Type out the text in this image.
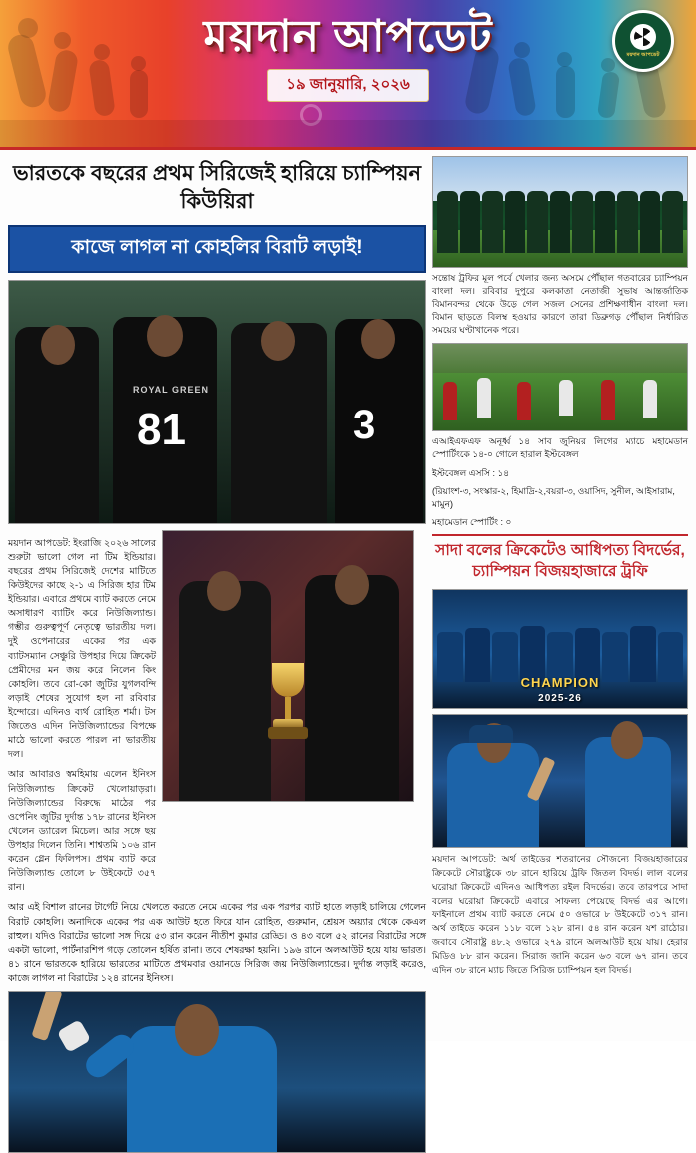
ময়দান আপডেট
১৯ জানুয়ারি, ২০২৬
ময়দান আপডেট
ভারতকে বছরের প্রথম সিরিজেই হারিয়ে চ্যাম্পিয়ন কিউয়িরা
কাজে লাগল না কোহলির বিরাট লড়াই!
81
ROYAL GREEN
3
ময়দান আপডেট: ইংরাজি ২০২৬ সালের শুরুটা ভালো গেল না টিম ইন্ডিয়ার। বছরের প্রথম সিরিজেই দেশের মাটিতে কিউইদের কাছে ২-১ এ সিরিজ হার টিম ইন্ডিয়ার। এবারে প্রথমে ব্যাট করতে নেমে অসাধারণ ব্যাটিং করে নিউজিল্যান্ড। গম্ভীর গুরুত্বপূর্ণ নেতৃত্বে ভারতীয় দল। দুই ওপেনারের একের পর এক ব্যাটসম্যান সেঞ্চুরি উপহার দিয়ে ক্রিকেট প্রেমীদের মন জয় করে নিলেন কিং কোহলি। তবে রো-কো জুটির যুগলবন্দি লড়াই শেষের সুযোগ হল না রবিবার ইন্দোরে। এদিনও ব্যর্থ রোহিত শর্মা। টস জিতেও এদিন নিউজিল্যান্ডের বিপক্ষে মাঠে ভালো করতে পারল না ভারতীয় দল।
আর আবারও স্বমহিমায় এলেন ইনিংস নিউজিল্যান্ড ক্রিকেট খেলোয়াড়রা। নিউজিল্যান্ডের বিরুদ্ধে মাঠের পর ওপেনিং জুটির দুর্দান্ত ১৭৮ রানের ইনিংস খেলেন ড্যারেল মিচেল। আর সঙ্গে ছয় উপহার দিলেন তিনি। শাশ্বতমি ১০৬ রান করেন গ্লেন ফিলিপস। প্রথম ব্যাট করে নিউজিল্যান্ড তোলে ৮ উইকেটে ৩৫৭ রান।
আর এই বিশাল রানের টার্গেট নিয়ে খেলতে করতে নেমে একের পর এক পরপর ব্যাট হাতে লড়াই চালিয়ে গেলেন বিরাট কোহলি। অনাদিকে একের পর এক আউট হতে ফিরে যান রোহিত, গুরুমান, শ্রেয়স অয়্যার থেকে কেএল রাহুল। যদিও বিরাটের ভালো সঙ্গ দিয়ে ৫৩ রান করেন নীতীশ কুমার রেড্ডি। ও ৪৩ বলে ৫২ রানের বিরাটের সঙ্গে একটা ভালো, পার্টনারশিপ গড়ে তোলেন হর্ষিত রানা। তবে শেষরক্ষা হয়নি। ১৯৬ রানে অলআউট হয়ে যায় ভারত। ৪১ রানে ভারতকে হারিয়ে ভারতের মাটিতে প্রথমবার ওয়ানডে সিরিজ জয় নিউজিল্যান্ডের। দুর্দান্ত লড়াই করেও, কাজে লাগল না বিরাটের ১২৪ রানের ইনিংস।
সন্তোষ ট্রফির মূল পর্বে খেলার জন্য অসমে পৌঁছাল গতবারের চ্যাম্পিয়ন বাংলা দল। রবিবার দুপুরে কলকাতা নেতাজী সুভাষ আন্তর্জাতিক বিমানবন্দর থেকে উড়ে গেল সজল সেনের প্রশিক্ষণাধীন বাংলা দল। বিমান ছাড়তে বিলম্ব হওয়ার কারণে তারা ডিব্রুগড় পৌঁছাল নির্ধারিত সময়ের ঘণ্টাখানেক পরে।
এআইএফএফ অনূর্ধ্ব ১৪ সাব জুনিয়র লিগের ম্যাচে মহামেডান স্পোর্টিংকে ১৪-০ গোলে হারাল ইস্টবেঙ্গল
ইস্টবেঙ্গল এসসি : ১৪
(রিয়াংশ-৩, সংস্কার-২, হিমাদ্রি-২,বয়রা-৩, ওয়াসিদ, সুনীল, আইসারাম, মামুন)
মহামেডান স্পোর্টিং : ০
সাদা বলের ক্রিকেটেও আধিপত্য বিদর্ভের, চ্যাম্পিয়ন বিজয়হাজারে ট্রফি
CHAMPION
2025-26
ময়দান আপডেট: অর্থ তাইডের শতরানের সৌজন্যে বিজয়হাজারের ক্রিকেটে সৌরাষ্ট্রকে ৩৮ রানে হারিয়ে ট্রফি জিতল বিদর্ভ। লাল বলের ঘরোয়া ক্রিকেটে এদিনও আধিপত্য রইল বিদর্ভের। তবে তারপরে সাদা বলের ঘরোয়া ক্রিকেটে এবারে সাফল্য পেয়েছে বিদর্ভ এর আগে। ফাইনালে প্রথম ব্যাট করতে নেমে ৫০ ওভারে ৮ উইকেটে ৩১৭ রান। অর্থ তাইডে করেন ১১৮ বলে ১২৮ রান। ৫৪ রান করেন যশ রাঠোর। জবাবে সৌরাষ্ট্র ৪৮.২ ওভারে ২৭৯ রানে অলআউট হয়ে যায়। হেরার মিডিও ৮৮ রান করেন। সিরাজ জানি করেন ৬৩ বলে ৬৭ রান। তবে এদিন ৩৮ রানে ম্যাচ জিতে সিরিজ চ্যাম্পিয়ন হল বিদর্ভ।
